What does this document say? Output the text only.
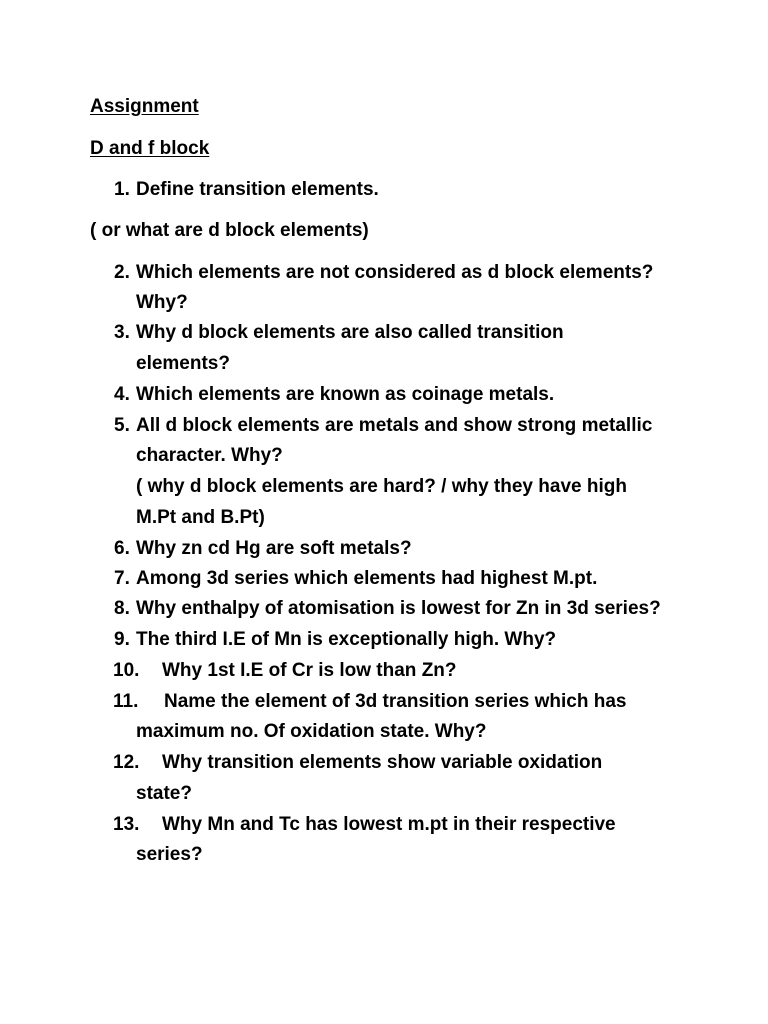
Assignment
D and f block
1. Define transition elements.
( or what are d block elements)
2. Which elements are not considered as d block elements?
Why?
3. Why d block elements are also called transition
elements?
4. Which elements are known as coinage metals.
5. All d block elements are metals and show strong metallic
character. Why?
( why d block elements are hard? / why they have high
M.Pt and B.Pt)
6. Why zn cd Hg are soft metals?
7. Among 3d series which elements had highest M.pt.
8. Why enthalpy of atomisation is lowest for Zn in 3d series?
9. The third I.E of Mn is exceptionally high. Why?
10. Why 1st I.E of Cr is low than Zn?
11. Name the element of 3d transition series which has
maximum no. Of oxidation state. Why?
12. Why transition elements show variable oxidation
state?
13. Why Mn and Tc has lowest m.pt in their respective
series?
